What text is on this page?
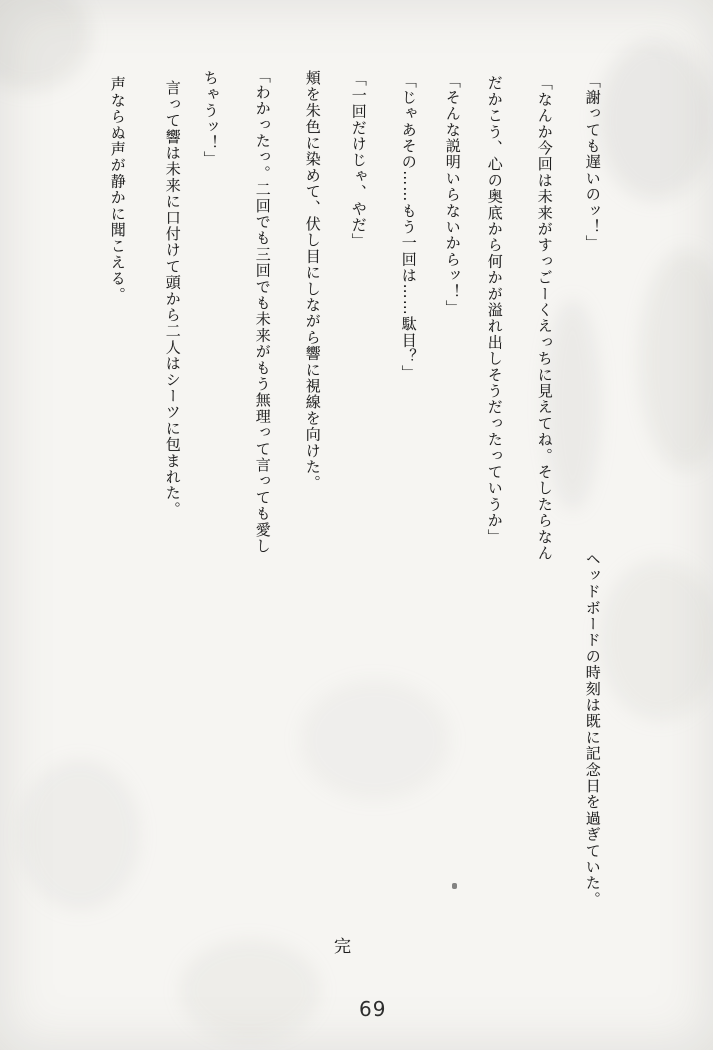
「謝っても遅いのッ！」
ヘッドボードの時刻は既に記念日を過ぎていた。
「なんか今回は未来がすっごーくえっちに見えてね。そしたらなん
だかこう、心の奥底から何かが溢れ出しそうだったっていうか」
「そんな説明いらないからッ！」
「じゃあその……もう一回は……駄目？」
「一回だけじゃ、やだ」
頬を朱色に染めて、伏し目にしながら響に視線を向けた。
「わかったっ。二回でも三回でも未来がもう無理って言っても愛し
ちゃうッ！」
言って響は未来に口付けて頭から二人はシーツに包まれた。
声ならぬ声が静かに聞こえる。
完
69
